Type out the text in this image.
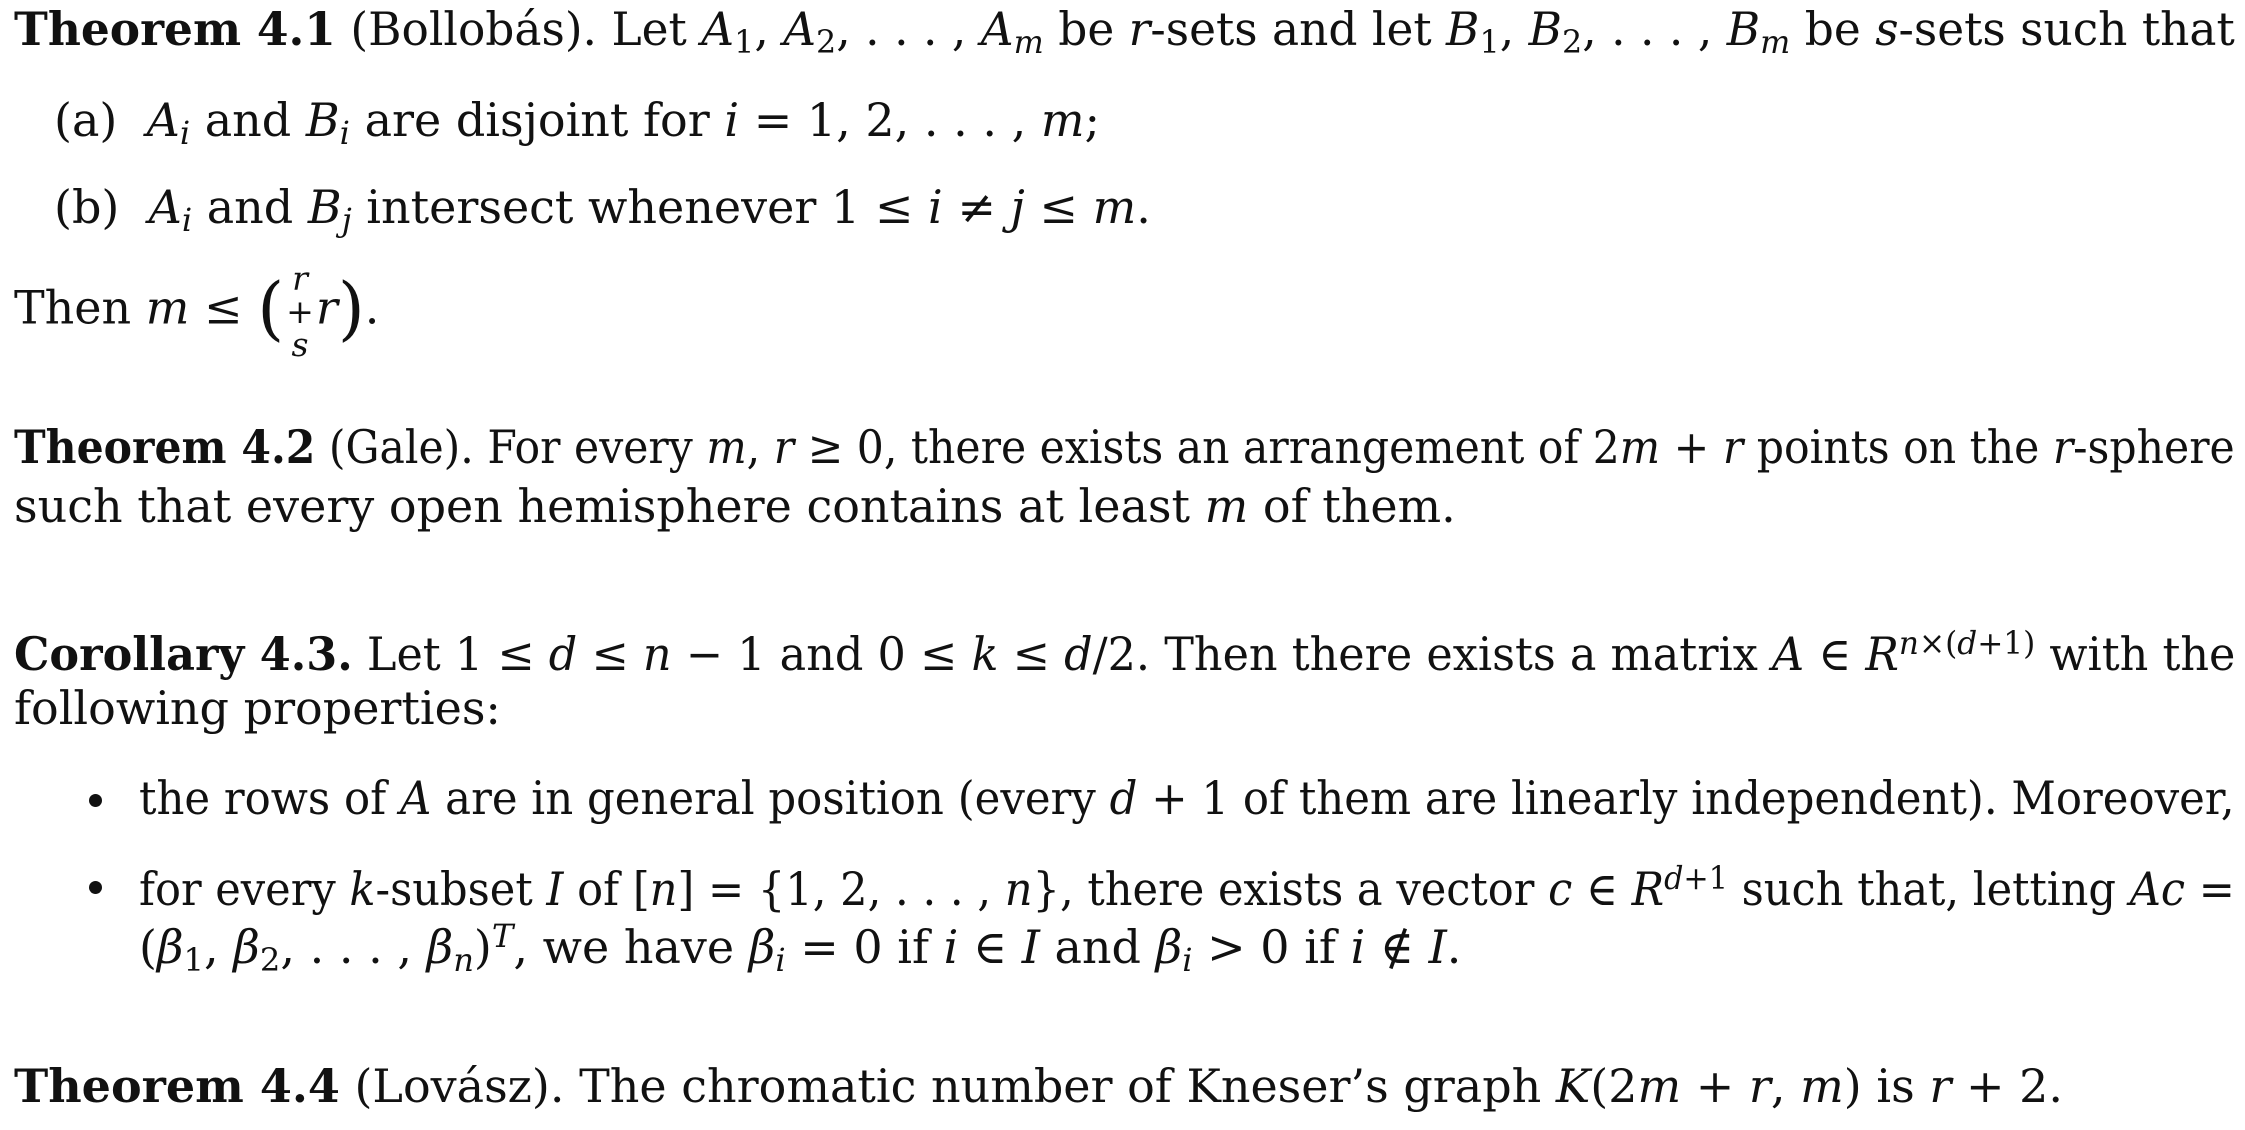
Theorem 4.1 (Bollobás). Let $A_1$, $A_2$, . . . , $A_m$ be r-sets and let $B_1$, $B_2$, . . . , $B_m$ be s-sets such that
(a) $A_i$ and $B_i$ are disjoint for i = 1, 2, . . . , m;
(b) $A_i$ and $B_j$ intersect whenever 1 ≤ i ≠ j ≤ m.
Then m ≤ ( r
+
s
r).
Theorem 4.2 (Gale). For every m, r ≥ 0, there exists an arrangement of 2m + r points on the r-sphere
such that every open hemisphere contains at least m of them.
Corollary 4.3. Let 1 ≤ d ≤ n − 1 and 0 ≤ k ≤ d/2. Then there exists a matrix A ∈ $R^{n\times(d+1)}$ with the
following properties:
the rows of A are in general position (every d + 1 of them are linearly independent). Moreover,
for every k-subset I of [n] = {1, 2, . . . , n}, there exists a vector c ∈ $R^{d+1}$ such that, letting Ac =
($\beta_1$, $\beta_2$, . . . , $\beta_n)^T$, we have $\beta_i = 0$ if i ∈ I and $\beta_i > 0$ if i ∉ I.
Theorem 4.4 (Lovász). The chromatic number of Kneser’s graph K(2m + r, m) is r + 2.
